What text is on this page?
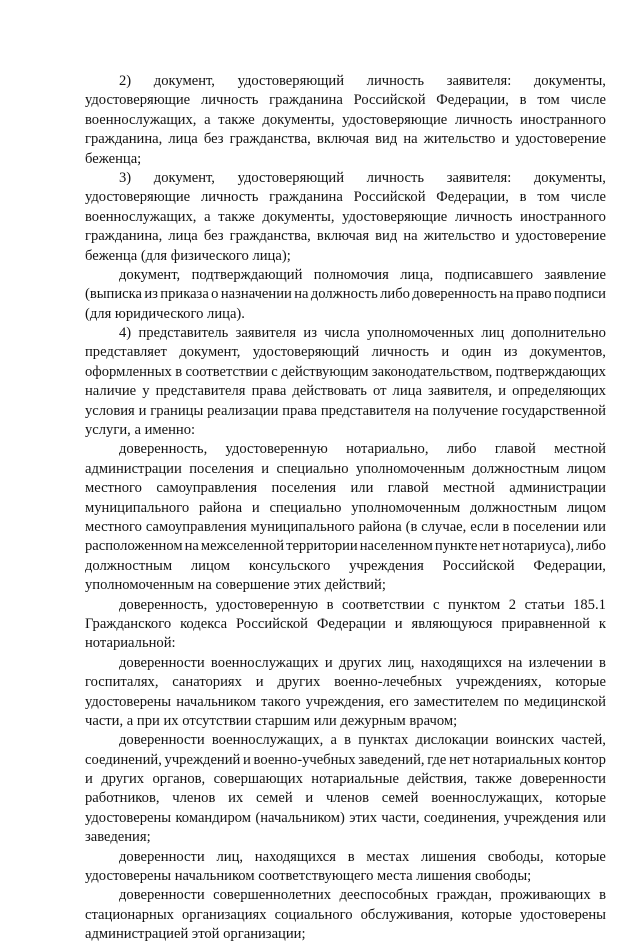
2) документ, удостоверяющий личность заявителя: документы,
удостоверяющие личность гражданина Российской Федерации, в том числе
военнослужащих, а также документы, удостоверяющие личность иностранного
гражданина, лица без гражданства, включая вид на жительство и удостоверение
беженца;
3) документ, удостоверяющий личность заявителя: документы,
удостоверяющие личность гражданина Российской Федерации, в том числе
военнослужащих, а также документы, удостоверяющие личность иностранного
гражданина, лица без гражданства, включая вид на жительство и удостоверение
беженца (для физического лица);
документ, подтверждающий полномочия лица, подписавшего заявление
(выписка из приказа о назначении на должность либо доверенность на право подписи
(для юридического лица).
4) представитель заявителя из числа уполномоченных лиц дополнительно
представляет документ, удостоверяющий личность и один из документов,
оформленных в соответствии с действующим законодательством, подтверждающих
наличие у представителя права действовать от лица заявителя, и определяющих
условия и границы реализации права представителя на получение государственной
услуги, а именно:
доверенность, удостоверенную нотариально, либо главой местной
администрации поселения и специально уполномоченным должностным лицом
местного самоуправления поселения или главой местной администрации
муниципального района и специально уполномоченным должностным лицом
местного самоуправления муниципального района (в случае, если в поселении или
расположенном на межселенной территории населенном пункте нет нотариуса), либо
должностным лицом консульского учреждения Российской Федерации,
уполномоченным на совершение этих действий;
доверенность, удостоверенную в соответствии с пунктом 2 статьи 185.1
Гражданского кодекса Российской Федерации и являющуюся приравненной к
нотариальной:
доверенности военнослужащих и других лиц, находящихся на излечении в
госпиталях, санаториях и других военно-лечебных учреждениях, которые
удостоверены начальником такого учреждения, его заместителем по медицинской
части, а при их отсутствии старшим или дежурным врачом;
доверенности военнослужащих, а в пунктах дислокации воинских частей,
соединений, учреждений и военно-учебных заведений, где нет нотариальных контор
и других органов, совершающих нотариальные действия, также доверенности
работников, членов их семей и членов семей военнослужащих, которые
удостоверены командиром (начальником) этих части, соединения, учреждения или
заведения;
доверенности лиц, находящихся в местах лишения свободы, которые
удостоверены начальником соответствующего места лишения свободы;
доверенности совершеннолетних дееспособных граждан, проживающих в
стационарных организациях социального обслуживания, которые удостоверены
администрацией этой организации;
